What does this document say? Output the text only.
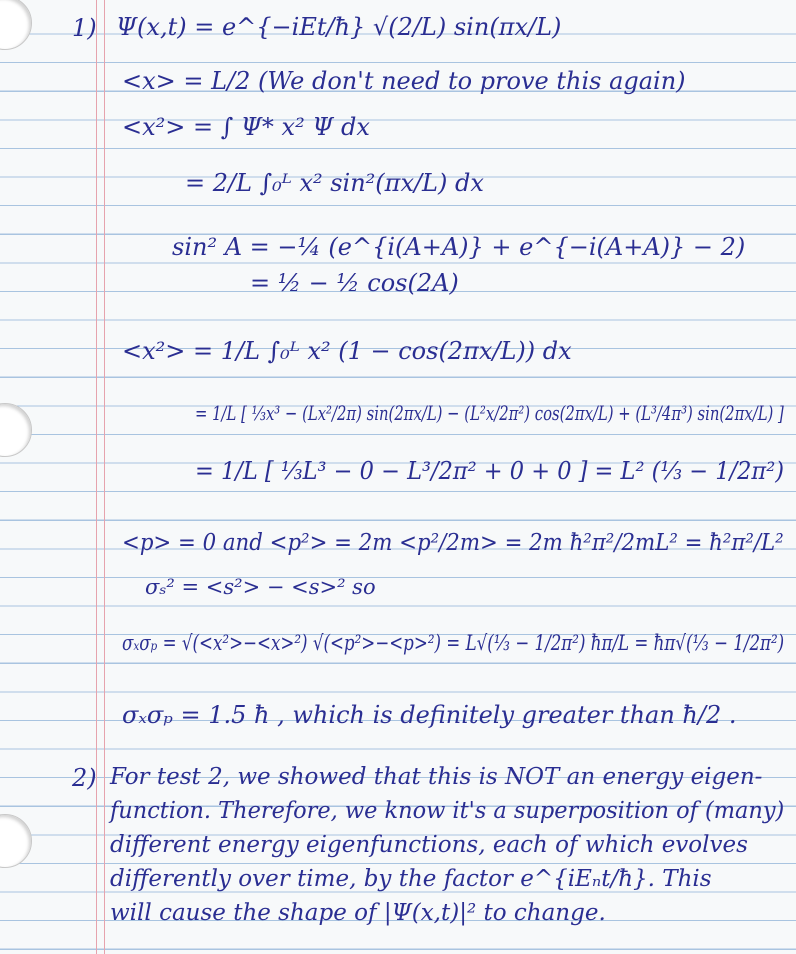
1) Ψ(x,t) = e^{−iEt/ħ} √(2/L) sin(πx/L)
<x> = L/2 (We don't need to prove this again)
<x²> = ∫ Ψ* x² Ψ dx
= 2/L ∫₀ᴸ x² sin²(πx/L) dx
sin² A = −¼ (e^{i(A+A)} + e^{−i(A+A)} − 2)
= ½ − ½ cos(2A)
<x²> = 1/L ∫₀ᴸ x² (1 − cos(2πx/L)) dx
= 1/L [ ⅓x³ − (Lx²/2π) sin(2πx/L) − (L²x/2π²) cos(2πx/L) + (L³/4π³) sin(2πx/L) ]
= 1/L [ ⅓L³ − 0 − L³/2π² + 0 + 0 ] = L² (⅓ − 1/2π²)
<p> = 0 and <p²> = 2m <p²/2m> = 2m ħ²π²/2mL² = ħ²π²/L²
σₛ² = <s²> − <s>² so
σₓσₚ = √(<x²>−<x>²) √(<p²>−<p>²) = L√(⅓ − 1/2π²) ħπ/L = ħπ√(⅓ − 1/2π²)
σₓσₚ = 1.5 ħ , which is definitely greater than ħ/2 .
2) For test 2, we showed that this is NOT an energy eigen-
function. Therefore, we know it's a superposition of (many)
different energy eigenfunctions, each of which evolves
differently over time, by the factor e^{iEₙt/ħ}. This
will cause the shape of |Ψ(x,t)|² to change.
